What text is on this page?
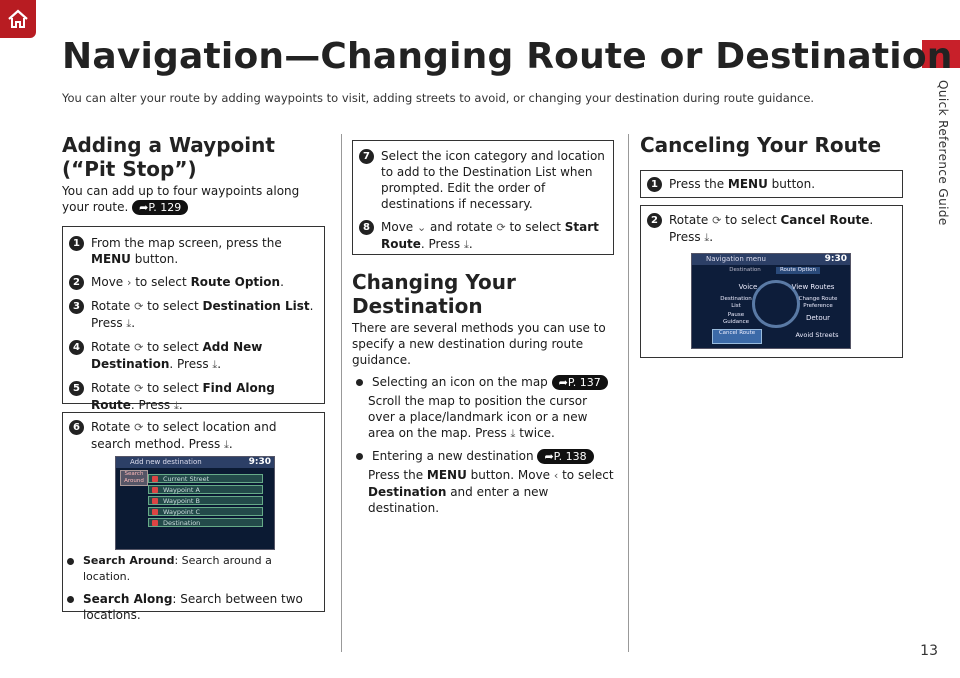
Quick Reference Guide
Navigation—Changing Route or Destination

You can alter your route by adding waypoints to visit, adding streets to avoid, or changing your destination during route guidance.

Adding a Waypoint
(“Pit Stop”)

You can add up to four waypoints along your route. ➦P. 129

1 From the map screen, press the MENU button.
2 Move › to select Route Option.
3 Rotate ⟳ to select Destination List. Press ⤓.
4 Rotate ⟳ to select Add New Destination. Press ⤓.
5 Rotate ⟳ to select Find Along Route. Press ⤓.
6 Rotate ⟳ to select location and search method. Press ⤓.
Add new destination	9:30
Search Around	Current Street
Waypoint A
Waypoint B
Waypoint C
Destination
Search Around: Search around a location.
Search Along: Search between two locations.
7 Select the icon category and location to add to the Destination List when prompted. Edit the order of destinations if necessary.
8 Move ⌄ and rotate ⟳ to select Start Route. Press ⤓.
Changing Your
Destination

There are several methods you can use to specify a new destination during route guidance.

Selecting an icon on the map ➦P. 137
Scroll the map to position the cursor over a place/landmark icon or a new area on the map. Press ⤓ twice.
Entering a new destination ➦P. 138
Press the MENU button. Move ‹ to select Destination and enter a new destination.
Canceling Your Route
1 Press the MENU button.
2 Rotate ⟳ to select Cancel Route.
Press ⤓.
Navigation menu	9:30
Destination	Route Option
Voice	View Routes
Destination List
Change Route Preference
Pause Guidance	Detour
Cancel Route	Avoid Streets
13
